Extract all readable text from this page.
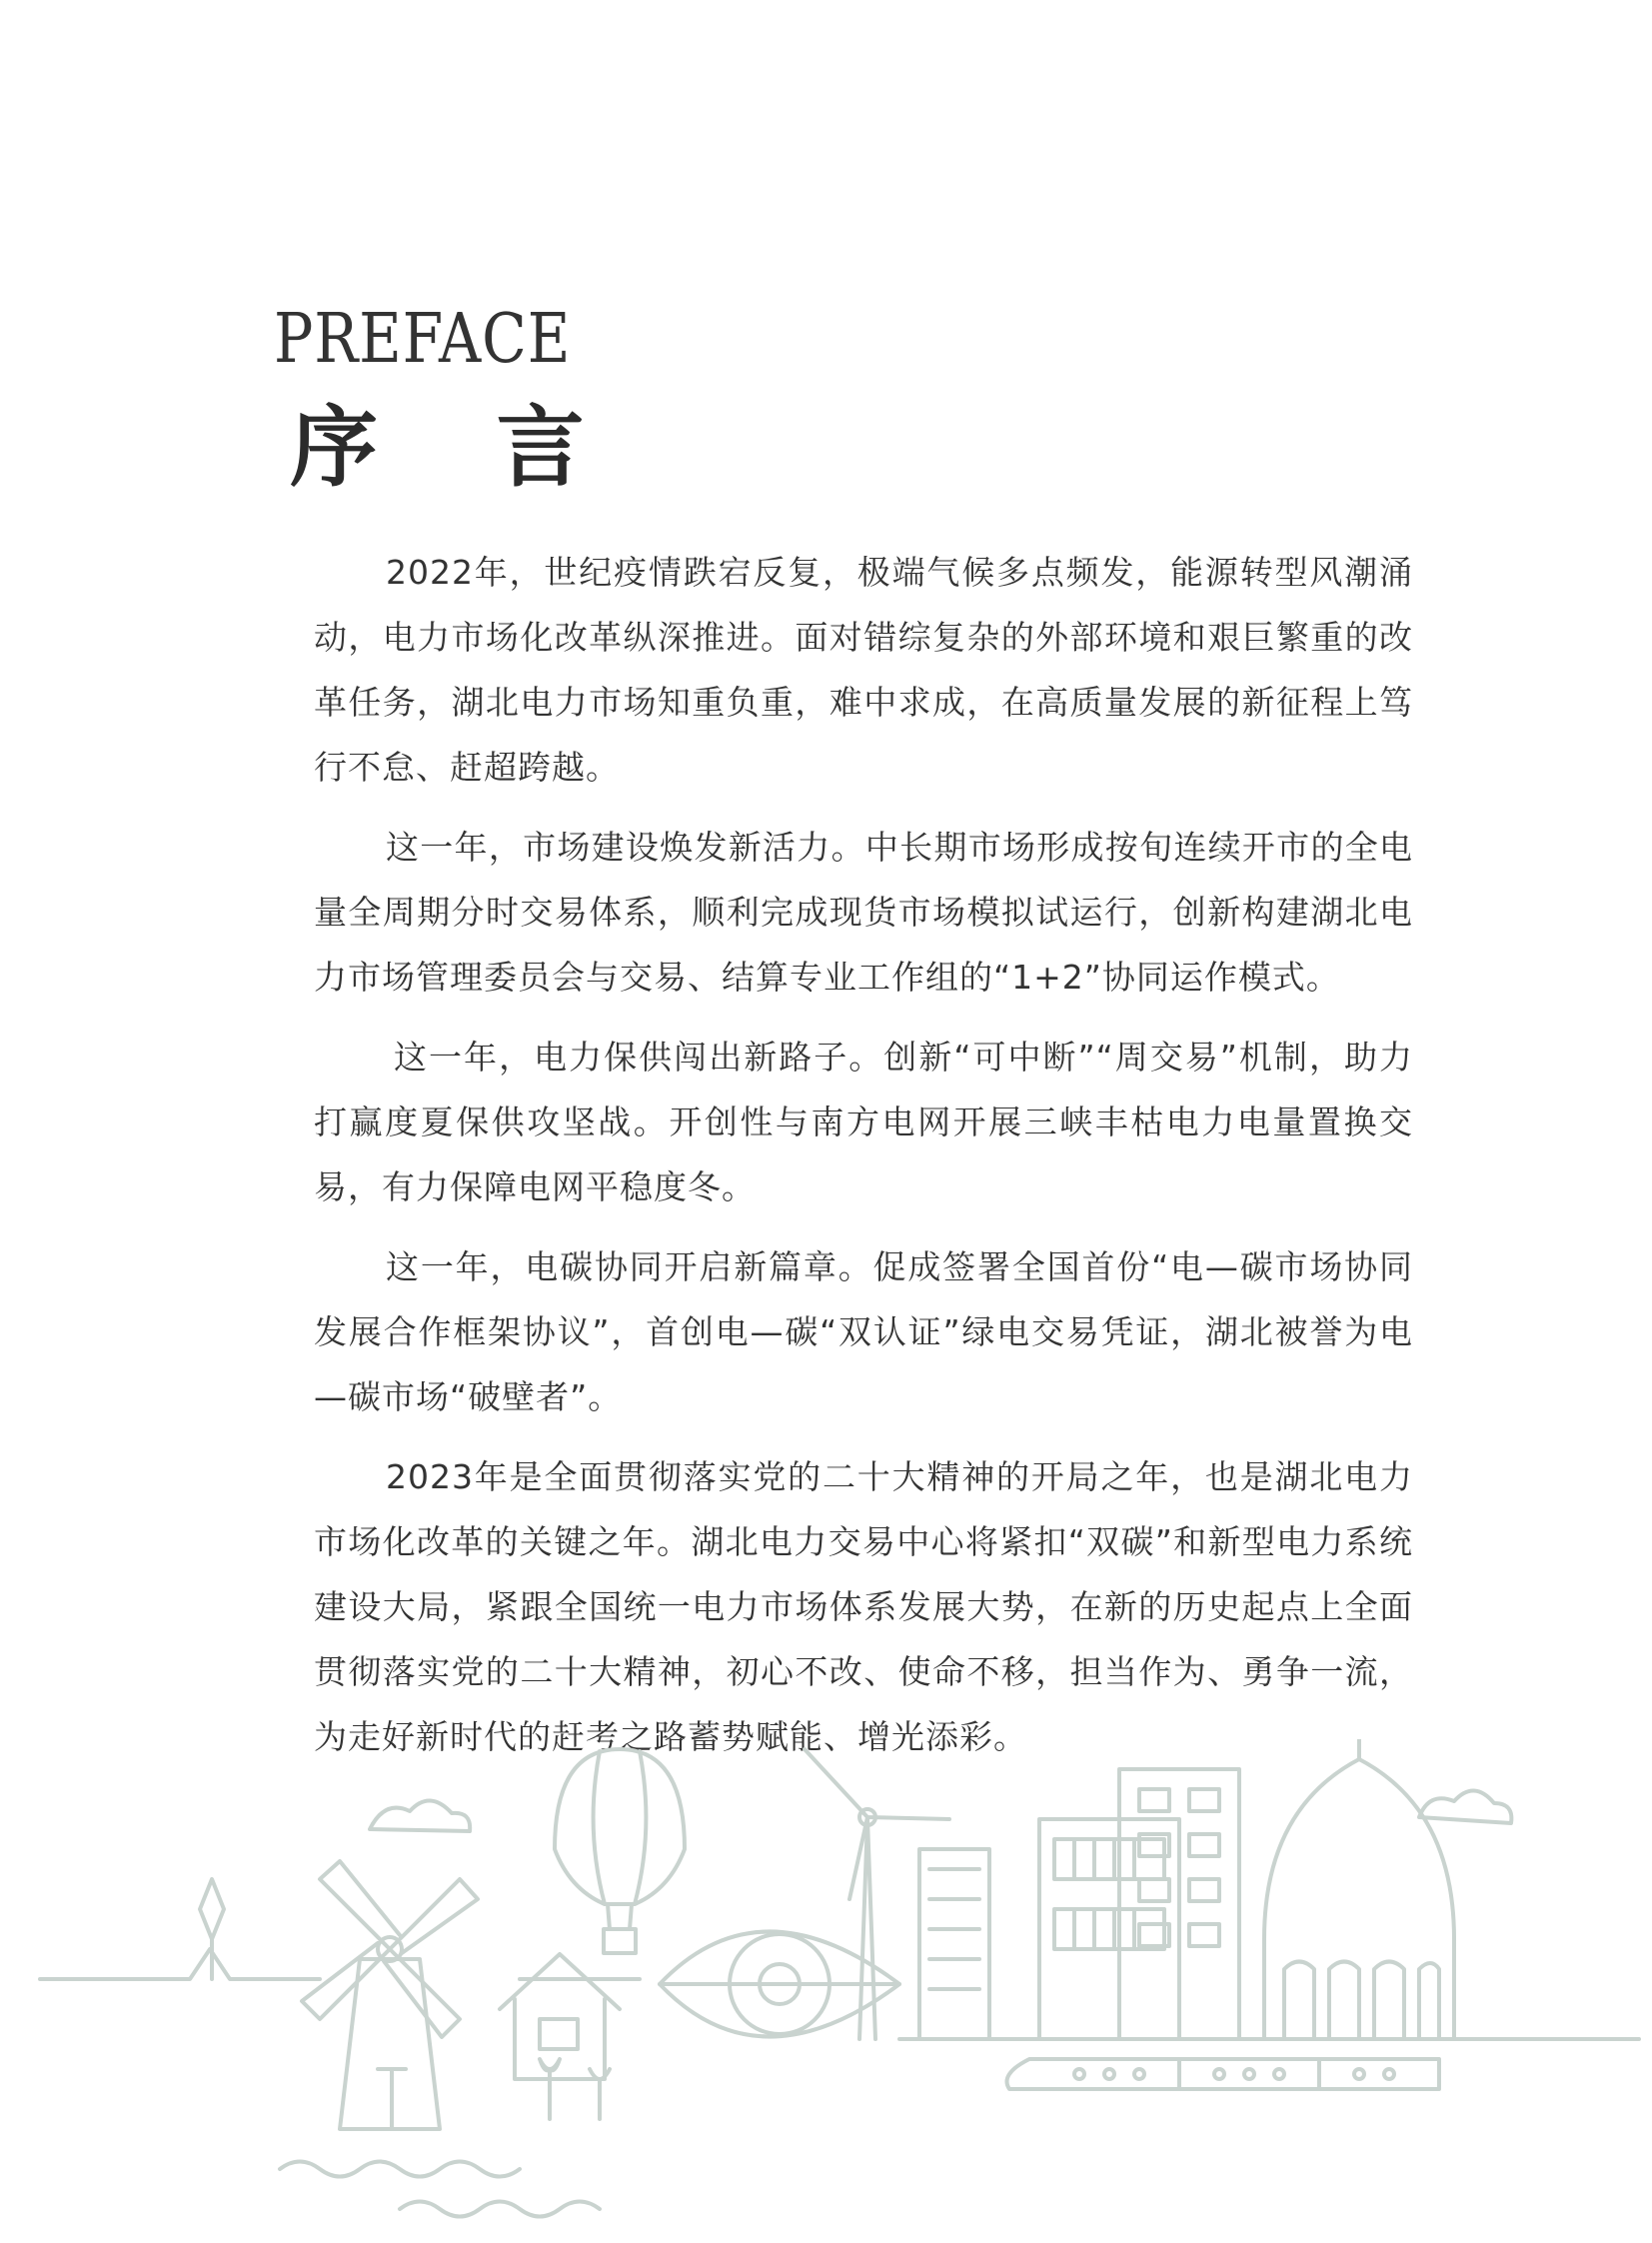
PREFACE
序 言

2022年，世纪疫情跌宕反复，极端气候多点频发，能源转型风潮涌动，电力市场化改革纵深推进。面对错综复杂的外部环境和艰巨繁重的改革任务，湖北电力市场知重负重，难中求成，在高质量发展的新征程上笃行不怠、赶超跨越。

这一年，市场建设焕发新活力。中长期市场形成按旬连续开市的全电量全周期分时交易体系，顺利完成现货市场模拟试运行，创新构建湖北电力市场管理委员会与交易、结算专业工作组的“1+2”协同运作模式。

这一年，电力保供闯出新路子。创新“可中断”“周交易”机制，助力打赢度夏保供攻坚战。开创性与南方电网开展三峡丰枯电力电量置换交易，有力保障电网平稳度冬。

这一年，电碳协同开启新篇章。促成签署全国首份“电—碳市场协同发展合作框架协议”，首创电—碳“双认证”绿电交易凭证，湖北被誉为电—碳市场“破壁者”。

2023年是全面贯彻落实党的二十大精神的开局之年，也是湖北电力市场化改革的关键之年。湖北电力交易中心将紧扣“双碳”和新型电力系统建设大局，紧跟全国统一电力市场体系发展大势，在新的历史起点上全面贯彻落实党的二十大精神，初心不改、使命不移，担当作为、勇争一流，为走好新时代的赶考之路蓄势赋能、增光添彩。
